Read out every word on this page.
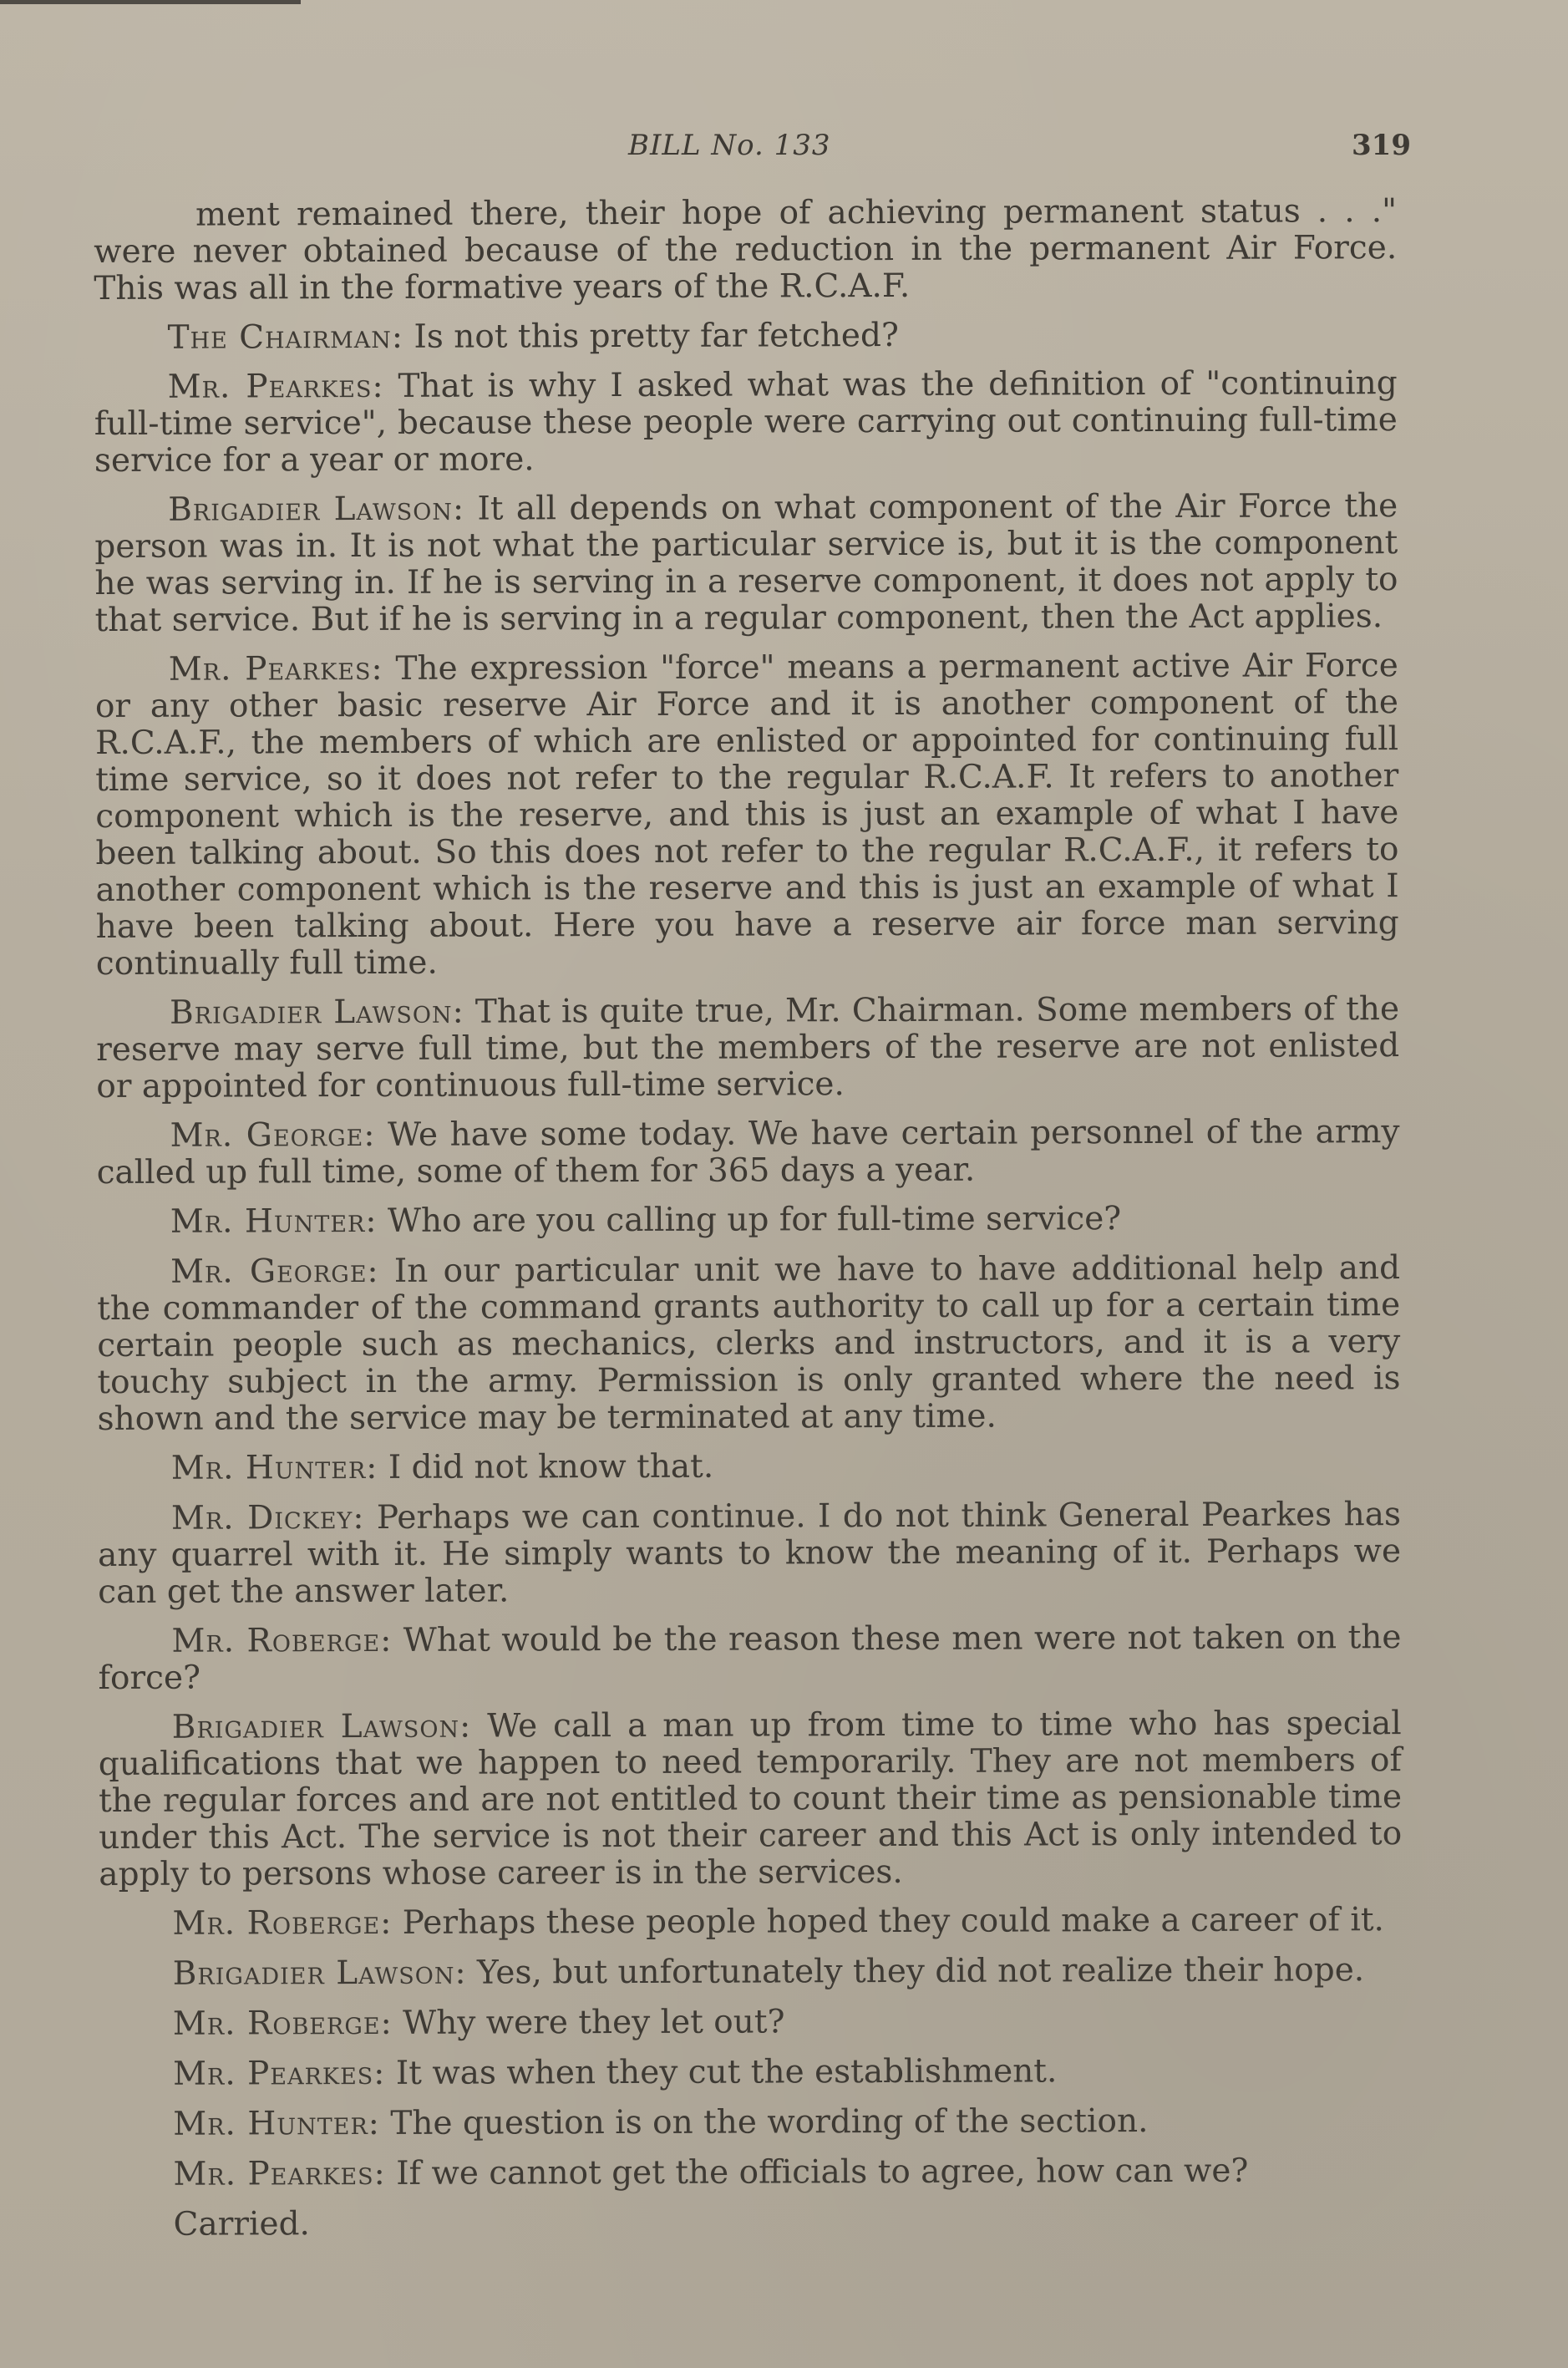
BILL No. 133	319

ment remained there, their hope of achieving permanent status . . ." were never obtained because of the reduction in the permanent Air Force. This was all in the formative years of the R.C.A.F.

The Chairman: Is not this pretty far fetched?

Mr. Pearkes: That is why I asked what was the definition of "continuing full-time service", because these people were carrying out continuing full-time service for a year or more.

Brigadier Lawson: It all depends on what component of the Air Force the person was in. It is not what the particular service is, but it is the component he was serving in. If he is serving in a reserve component, it does not apply to that service. But if he is serving in a regular component, then the Act applies.

Mr. Pearkes: The expression "force" means a permanent active Air Force or any other basic reserve Air Force and it is another component of the R.C.A.F., the members of which are enlisted or appointed for continuing full time service, so it does not refer to the regular R.C.A.F. It refers to another component which is the reserve, and this is just an example of what I have been talking about. So this does not refer to the regular R.C.A.F., it refers to another component which is the reserve and this is just an example of what I have been talking about. Here you have a reserve air force man serving continually full time.

Brigadier Lawson: That is quite true, Mr. Chairman. Some members of the reserve may serve full time, but the members of the reserve are not enlisted or appointed for continuous full-time service.

Mr. George: We have some today. We have certain personnel of the army called up full time, some of them for 365 days a year.

Mr. Hunter: Who are you calling up for full-time service?

Mr. George: In our particular unit we have to have additional help and the commander of the command grants authority to call up for a certain time certain people such as mechanics, clerks and instructors, and it is a very touchy subject in the army. Permission is only granted where the need is shown and the service may be terminated at any time.

Mr. Hunter: I did not know that.

Mr. Dickey: Perhaps we can continue. I do not think General Pearkes has any quarrel with it. He simply wants to know the meaning of it. Perhaps we can get the answer later.

Mr. Roberge: What would be the reason these men were not taken on the force?

Brigadier Lawson: We call a man up from time to time who has special qualifications that we happen to need temporarily. They are not members of the regular forces and are not entitled to count their time as pensionable time under this Act. The service is not their career and this Act is only intended to apply to persons whose career is in the services.

Mr. Roberge: Perhaps these people hoped they could make a career of it.

Brigadier Lawson: Yes, but unfortunately they did not realize their hope.

Mr. Roberge: Why were they let out?

Mr. Pearkes: It was when they cut the establishment.

Mr. Hunter: The question is on the wording of the section.

Mr. Pearkes: If we cannot get the officials to agree, how can we?

Carried.
